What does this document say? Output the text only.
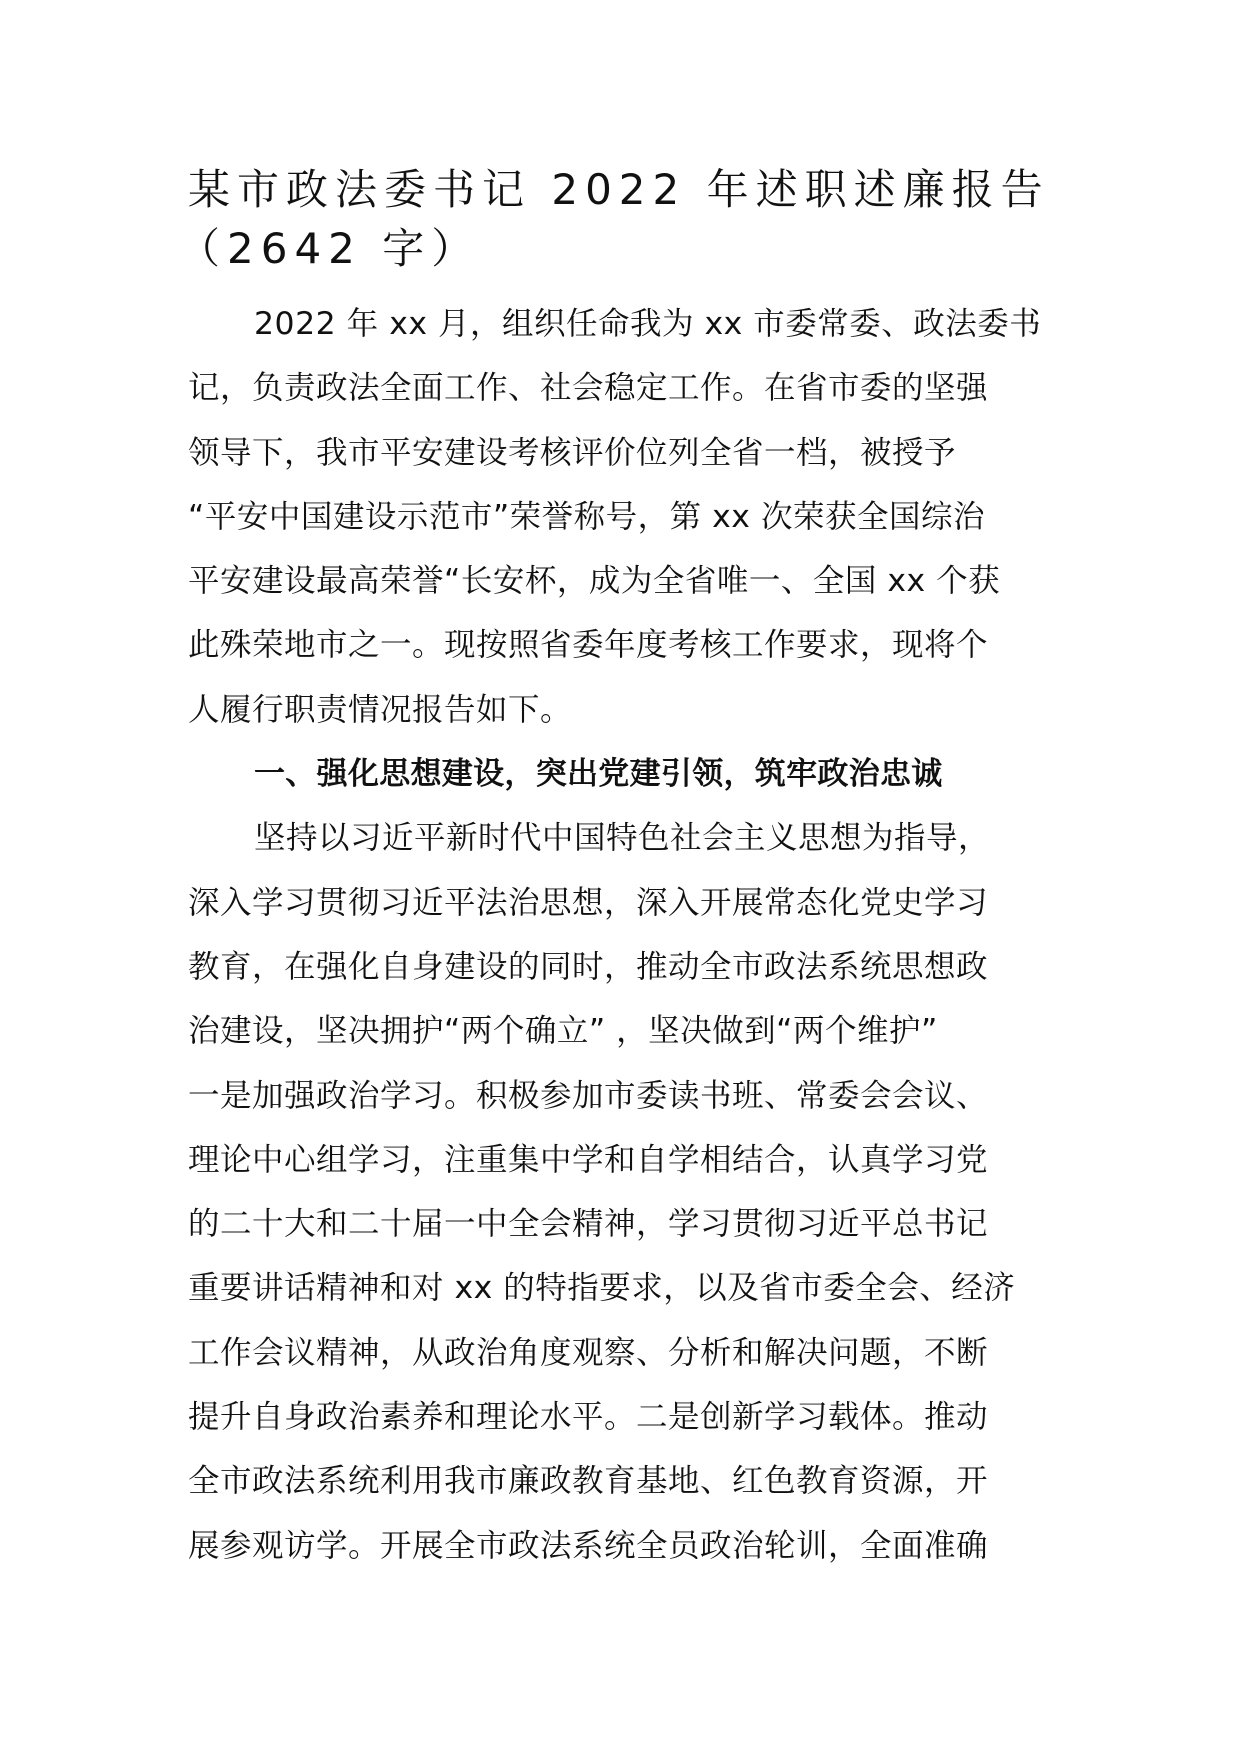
某市政法委书记 2022 年述职述廉报告
（2642 字）

2022 年 xx 月，组织任命我为 xx 市委常委、政法委书
记，负责政法全面工作、社会稳定工作。在省市委的坚强
领导下，我市平安建设考核评价位列全省一档，被授予
“平安中国建设示范市”荣誉称号，第 xx 次荣获全国综治
平安建设最高荣誉“长安杯，成为全省唯一、全国 xx 个获
此殊荣地市之一。现按照省委年度考核工作要求，现将个
人履行职责情况报告如下。

一、强化思想建设，突出党建引领，筑牢政治忠诚

坚持以习近平新时代中国特色社会主义思想为指导，
深入学习贯彻习近平法治思想，深入开展常态化党史学习
教育，在强化自身建设的同时，推动全市政法系统思想政
治建设，坚决拥护“两个确立” ，坚决做到“两个维护”
一是加强政治学习。积极参加市委读书班、常委会会议、
理论中心组学习，注重集中学和自学相结合，认真学习党
的二十大和二十届一中全会精神，学习贯彻习近平总书记
重要讲话精神和对 xx 的特指要求，以及省市委全会、经济
工作会议精神，从政治角度观察、分析和解决问题，不断
提升自身政治素养和理论水平。二是创新学习载体。推动
全市政法系统利用我市廉政教育基地、红色教育资源，开
展参观访学。开展全市政法系统全员政治轮训，全面准确
